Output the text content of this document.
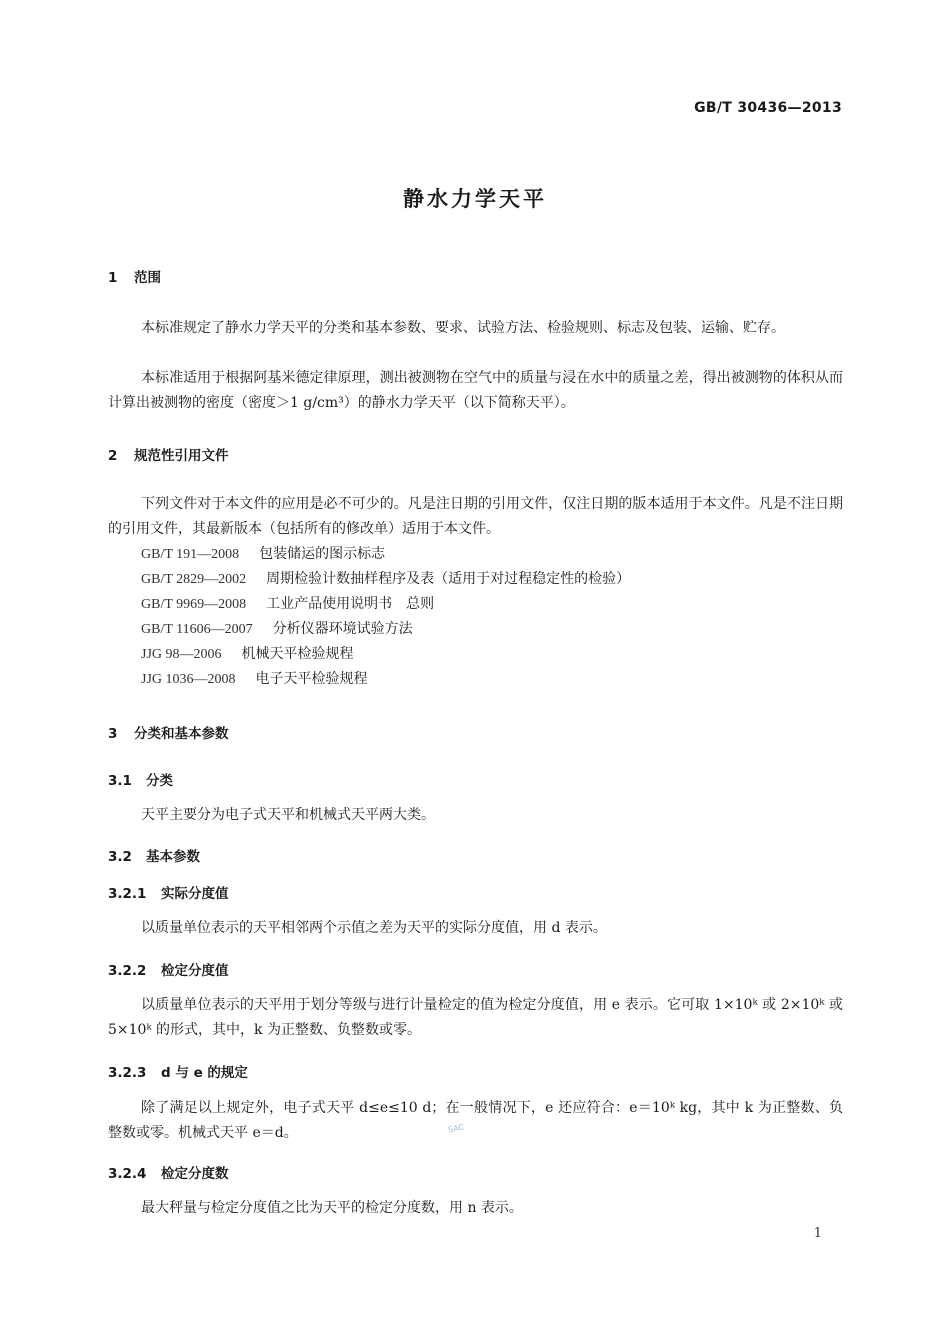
GB/T 30436—2013
静水力学天平
1 范围

本标准规定了静水力学天平的分类和基本参数、要求、试验方法、检验规则、标志及包装、运输、贮存。

本标准适用于根据阿基米德定律原理，测出被测物在空气中的质量与浸在水中的质量之差，得出被测物的体积从而计算出被测物的密度（密度＞1 g/cm³）的静水力学天平（以下简称天平）。

2 规范性引用文件

下列文件对于本文件的应用是必不可少的。凡是注日期的引用文件，仅注日期的版本适用于本文件。凡是不注日期的引用文件，其最新版本（包括所有的修改单）适用于本文件。

GB/T 191—2008 包装储运的图示标志
GB/T 2829—2002 周期检验计数抽样程序及表（适用于对过程稳定性的检验）
GB/T 9969—2008 工业产品使用说明书　总则
GB/T 11606—2007 分析仪器环境试验方法
JJG 98—2006 机械天平检验规程
JJG 1036—2008 电子天平检验规程
3 分类和基本参数
3.1 分类

天平主要分为电子式天平和机械式天平两大类。

3.2 基本参数
3.2.1 实际分度值

以质量单位表示的天平相邻两个示值之差为天平的实际分度值，用 d 表示。

3.2.2 检定分度值

以质量单位表示的天平用于划分等级与进行计量检定的值为检定分度值，用 e 表示。它可取 1×10ᵏ 或 2×10ᵏ 或 5×10ᵏ 的形式，其中，k 为正整数、负整数或零。

3.2.3 d 与 e 的规定

除了满足以上规定外，电子式天平 d≤e≤10 d；在一般情况下，e 还应符合：e＝10ᵏ kg，其中 k 为正整数、负整数或零。机械式天平 e＝d。	SAC
3.2.4 检定分度数

最大秤量与检定分度值之比为天平的检定分度数，用 n 表示。

1
